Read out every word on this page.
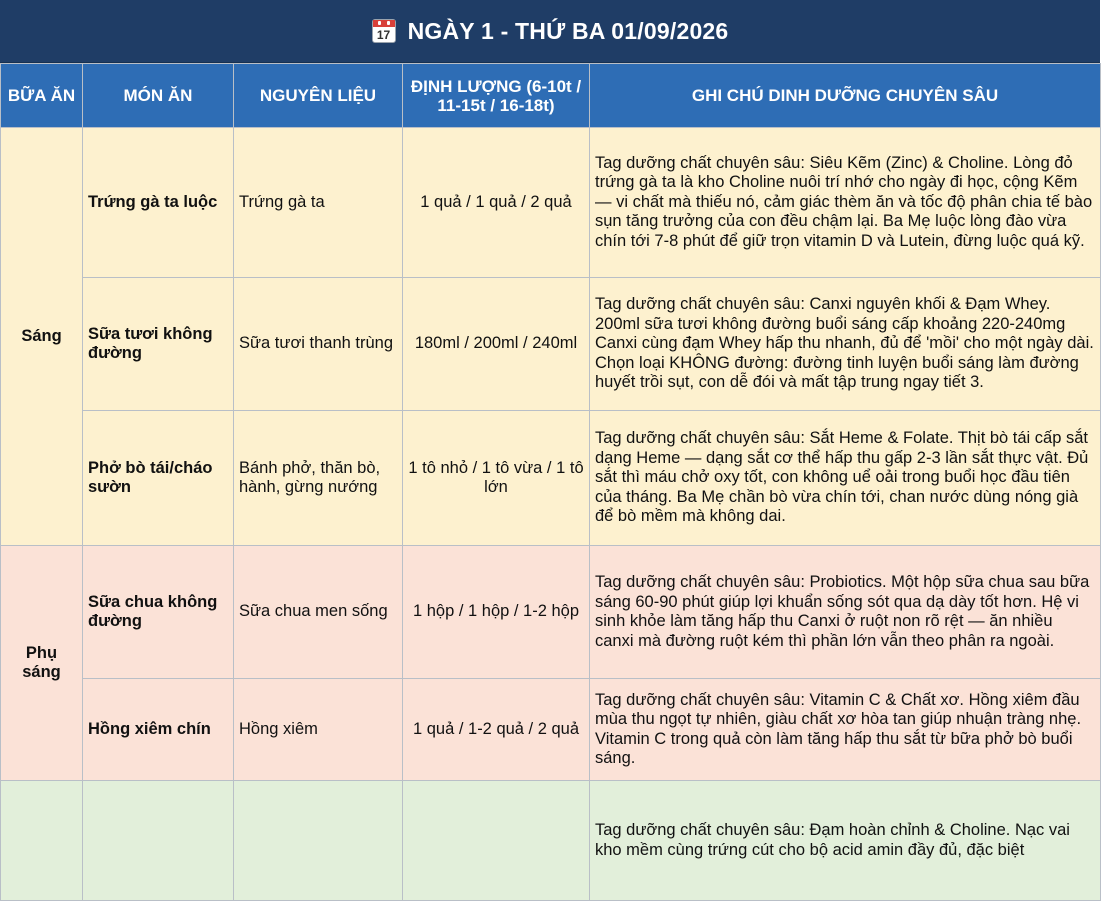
17 NGÀY 1 - THỨ BA 01/09/2026
BỮA ĂN	MÓN ĂN	NGUYÊN LIỆU	ĐỊNH LƯỢNG (6-10t / 11-15t / 16-18t)	GHI CHÚ DINH DƯỠNG CHUYÊN SÂU
Sáng	Trứng gà ta luộc	Trứng gà ta	1 quả / 1 quả / 2 quả	Tag dưỡng chất chuyên sâu: Siêu Kẽm (Zinc) & Choline. Lòng đỏ trứng gà ta là kho Choline nuôi trí nhớ cho ngày đi học, cộng Kẽm — vi chất mà thiếu nó, cảm giác thèm ăn và tốc độ phân chia tế bào sụn tăng trưởng của con đều chậm lại. Ba Mẹ luộc lòng đào vừa chín tới 7-8 phút để giữ trọn vitamin D và Lutein, đừng luộc quá kỹ.
	Sữa tươi không đường	Sữa tươi thanh trùng	180ml / 200ml / 240ml	Tag dưỡng chất chuyên sâu: Canxi nguyên khối & Đạm Whey. 200ml sữa tươi không đường buổi sáng cấp khoảng 220-240mg Canxi cùng đạm Whey hấp thu nhanh, đủ để 'mồi' cho một ngày dài. Chọn loại KHÔNG đường: đường tinh luyện buổi sáng làm đường huyết trồi sụt, con dễ đói và mất tập trung ngay tiết 3.
	Phở bò tái/cháo sườn	Bánh phở, thăn bò, hành, gừng nướng	1 tô nhỏ / 1 tô vừa / 1 tô lớn	Tag dưỡng chất chuyên sâu: Sắt Heme & Folate. Thịt bò tái cấp sắt dạng Heme — dạng sắt cơ thể hấp thu gấp 2-3 lần sắt thực vật. Đủ sắt thì máu chở oxy tốt, con không uể oải trong buổi học đầu tiên của tháng. Ba Mẹ chần bò vừa chín tới, chan nước dùng nóng già để bò mềm mà không dai.
Phụ sáng	Sữa chua không đường	Sữa chua men sống	1 hộp / 1 hộp / 1-2 hộp	Tag dưỡng chất chuyên sâu: Probiotics. Một hộp sữa chua sau bữa sáng 60-90 phút giúp lợi khuẩn sống sót qua dạ dày tốt hơn. Hệ vi sinh khỏe làm tăng hấp thu Canxi ở ruột non rõ rệt — ăn nhiều canxi mà đường ruột kém thì phần lớn vẫn theo phân ra ngoài.
	Hồng xiêm chín	Hồng xiêm	1 quả / 1-2 quả / 2 quả	Tag dưỡng chất chuyên sâu: Vitamin C & Chất xơ. Hồng xiêm đầu mùa thu ngọt tự nhiên, giàu chất xơ hòa tan giúp nhuận tràng nhẹ. Vitamin C trong quả còn làm tăng hấp thu sắt từ bữa phở bò buổi sáng.
				Tag dưỡng chất chuyên sâu: Đạm hoàn chỉnh & Choline. Nạc vai kho mềm cùng trứng cút cho bộ acid amin đầy đủ, đặc biệt
